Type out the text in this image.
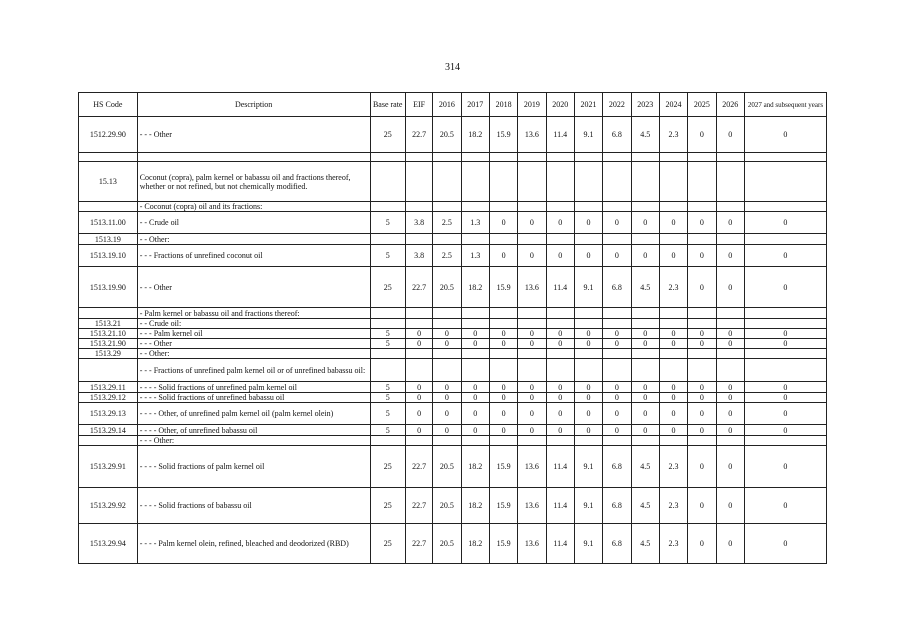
314
HS Code	Description	Base rate	EIF	2016	2017	2018	2019	2020	2021	2022	2023	2024	2025	2026	2027 and subsequent years
1512.29.90	- - - Other	25	22.7	20.5	18.2	15.9	13.6	11.4	9.1	6.8	4.5	2.3	0	0	0

15.13	Coconut (copra), palm kernel or babassu oil and fractions thereof, whether or not refined, but not chemically modified.														
	- Coconut (copra) oil and its fractions:														
1513.11.00	- - Crude oil	5	3.8	2.5	1.3	0	0	0	0	0	0	0	0	0	0
1513.19	- - Other:														
1513.19.10	- - - Fractions of unrefined coconut oil	5	3.8	2.5	1.3	0	0	0	0	0	0	0	0	0	0
1513.19.90	- - - Other	25	22.7	20.5	18.2	15.9	13.6	11.4	9.1	6.8	4.5	2.3	0	0	0
	- Palm kernel or babassu oil and fractions thereof:														
1513.21	- - Crude oil:														
1513.21.10	- - - Palm kernel oil	5	0	0	0	0	0	0	0	0	0	0	0	0	0
1513.21.90	- - - Other	5	0	0	0	0	0	0	0	0	0	0	0	0	0
1513.29	- - Other:														
	- - - Fractions of unrefined palm kernel oil or of unrefined babassu oil:														
1513.29.11	- - - - Solid fractions of unrefined palm kernel oil	5	0	0	0	0	0	0	0	0	0	0	0	0	0
1513.29.12	- - - - Solid fractions of unrefined babassu oil	5	0	0	0	0	0	0	0	0	0	0	0	0	0
1513.29.13	- - - - Other, of unrefined palm kernel oil (palm kernel olein)	5	0	0	0	0	0	0	0	0	0	0	0	0	0
1513.29.14	- - - - Other, of unrefined babassu oil	5	0	0	0	0	0	0	0	0	0	0	0	0	0
	- - - Other:														
1513.29.91	- - - - Solid fractions of palm kernel oil	25	22.7	20.5	18.2	15.9	13.6	11.4	9.1	6.8	4.5	2.3	0	0	0
1513.29.92	- - - - Solid fractions of babassu oil	25	22.7	20.5	18.2	15.9	13.6	11.4	9.1	6.8	4.5	2.3	0	0	0
1513.29.94	- - - - Palm kernel olein, refined, bleached and deodorized (RBD)	25	22.7	20.5	18.2	15.9	13.6	11.4	9.1	6.8	4.5	2.3	0	0	0
